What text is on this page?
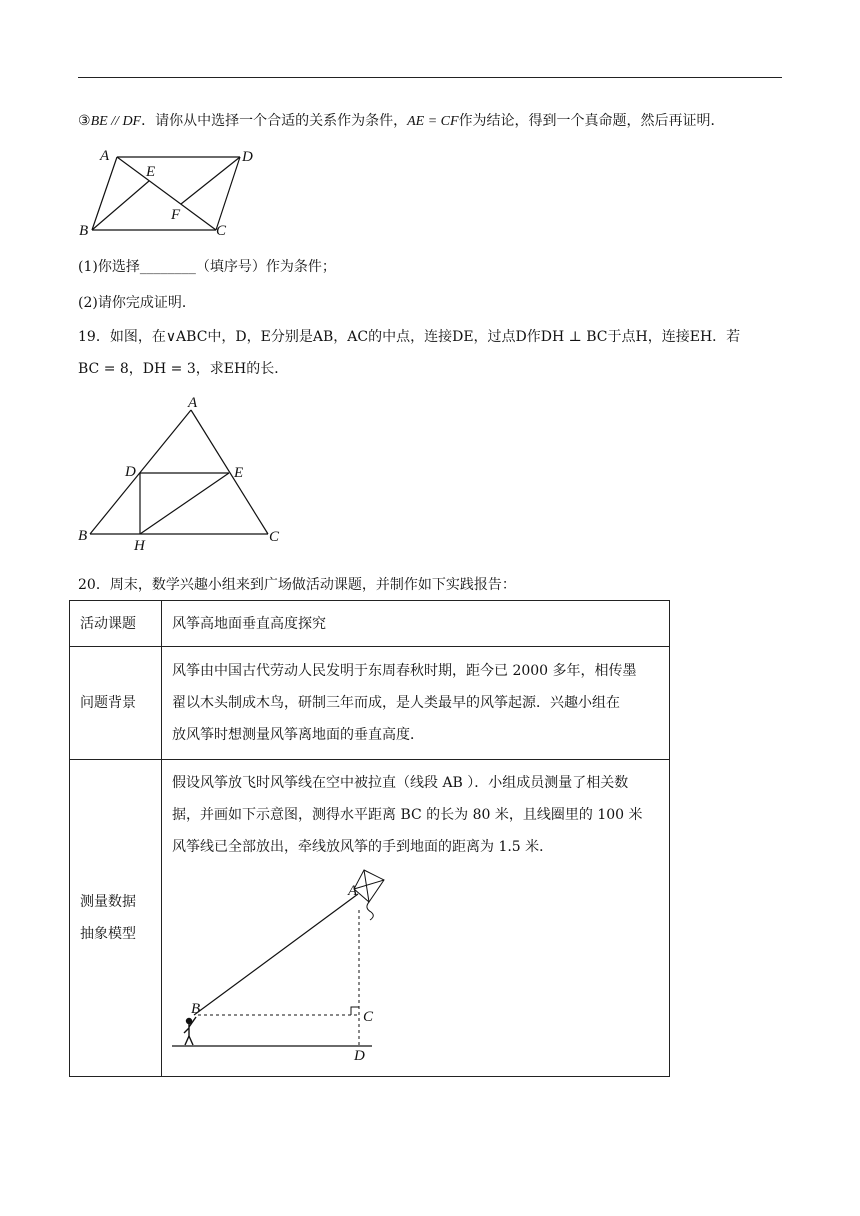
③BE // DF．请你从中选择一个合适的关系作为条件，AE = CF作为结论，得到一个真命题，然后再证明．
A	D
E
F
B	C
(1)你选择________（填序号）作为条件；
(2)请你完成证明．
19．如图，在∨ABC中，D，E分别是AB，AC的中点，连接DE，过点D作DH ⊥ BC于点H，连接EH．若
BC = 8，DH = 3，求EH的长．
A
D	E
B
H
C
20．周末，数学兴趣小组来到广场做活动课题，并制作如下实践报告：
活动课题	风筝高地面垂直高度探究
问题背景	风筝由中国古代劳动人民发明于东周春秋时期，距今已 2000 多年，相传墨
翟以木头制成木鸟，研制三年而成，是人类最早的风筝起源．兴趣小组在
放风筝时想测量风筝离地面的垂直高度．

测量数据
抽象模型	假设风筝放飞时风筝线在空中被拉直（线段 AB ）．小组成员测量了相关数
据，并画如下示意图，测得水平距离 BC 的长为 80 米，且线圈里的 100 米
风筝线已全部放出，牵线放风筝的手到地面的距离为 1.5 米．
A
B	C
D
